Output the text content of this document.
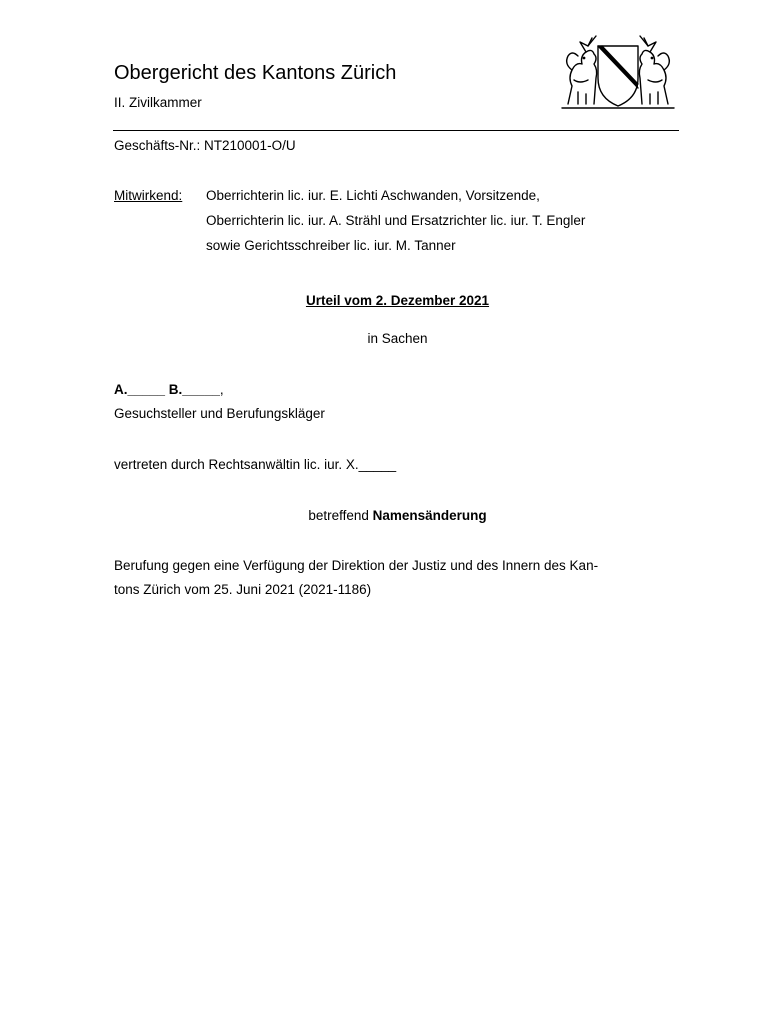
Obergericht des Kantons Zürich
II. Zivilkammer
Geschäfts-Nr.: NT210001-O/U
Mitwirkend: Oberrichterin lic. iur. E. Lichti Aschwanden, Vorsitzende,
Oberrichterin lic. iur. A. Strähl und Ersatzrichter lic. iur. T. Engler
sowie Gerichtsschreiber lic. iur. M. Tanner
Urteil vom 2. Dezember 2021
in Sachen
A._____ B._____,
Gesuchsteller und Berufungskläger
vertreten durch Rechtsanwältin lic. iur. X._____
betreffend Namensänderung
Berufung gegen eine Verfügung der Direktion der Justiz und des Innern des Kan-
tons Zürich vom 25. Juni 2021 (2021-1186)
